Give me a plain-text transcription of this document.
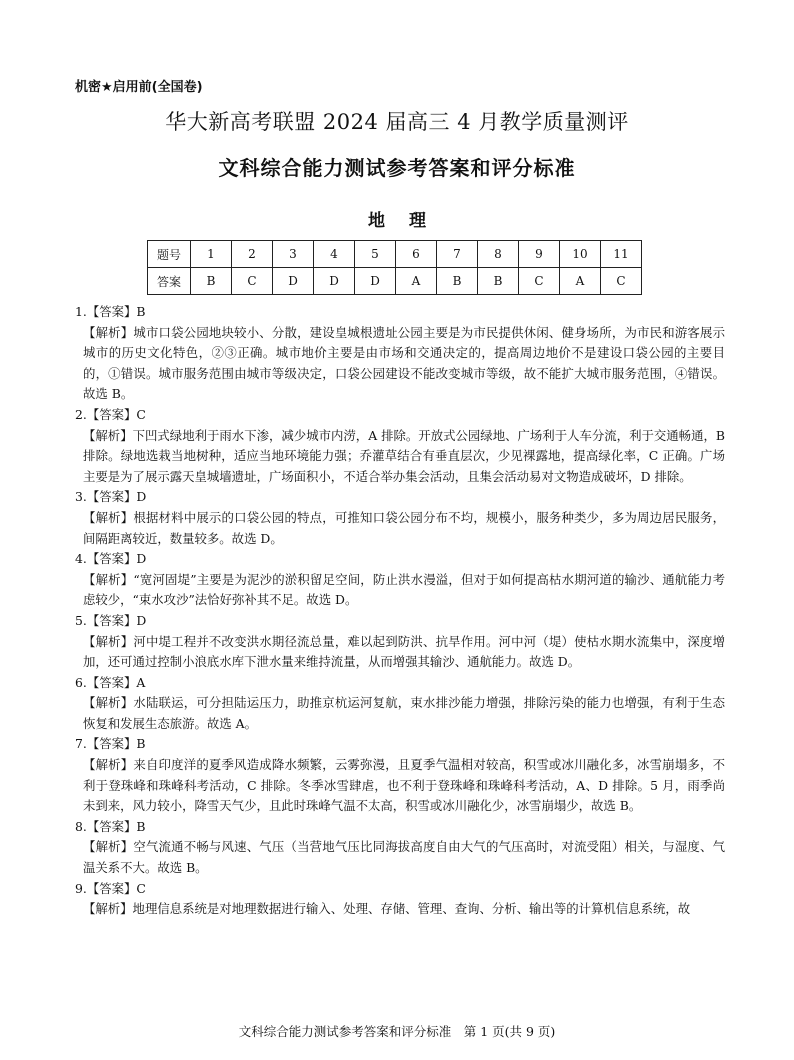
机密★启用前(全国卷)
华大新高考联盟 2024 届高三 4 月教学质量测评
文科综合能力测试参考答案和评分标准
地 理
题号	1	2	3	4	5	6	7	8	9	10	11
答案	B	C	D	D	D	A	B	B	C	A	C
1.【答案】B
【解析】城市口袋公园地块较小、分散，建设皇城根遗址公园主要是为市民提供休闲、健身场所，为市民和游客展示城市的历史文化特色，②③正确。城市地价主要是由市场和交通决定的，提高周边地价不是建设口袋公园的主要目的，①错误。城市服务范围由城市等级决定，口袋公园建设不能改变城市等级，故不能扩大城市服务范围，④错误。故选 B。
2.【答案】C
【解析】下凹式绿地利于雨水下渗，减少城市内涝，A 排除。开放式公园绿地、广场利于人车分流，利于交通畅通，B 排除。绿地选栽当地树种，适应当地环境能力强；乔灌草结合有垂直层次，少见裸露地，提高绿化率，C 正确。广场主要是为了展示露天皇城墙遗址，广场面积小，不适合举办集会活动，且集会活动易对文物造成破坏，D 排除。
3.【答案】D
【解析】根据材料中展示的口袋公园的特点，可推知口袋公园分布不均，规模小，服务种类少，多为周边居民服务，间隔距离较近，数量较多。故选 D。
4.【答案】D
【解析】“宽河固堤”主要是为泥沙的淤积留足空间，防止洪水漫溢，但对于如何提高枯水期河道的输沙、通航能力考虑较少，“束水攻沙”法恰好弥补其不足。故选 D。
5.【答案】D
【解析】河中堤工程并不改变洪水期径流总量，难以起到防洪、抗旱作用。河中河（堤）使枯水期水流集中，深度增加，还可通过控制小浪底水库下泄水量来维持流量，从而增强其输沙、通航能力。故选 D。
6.【答案】A
【解析】水陆联运，可分担陆运压力，助推京杭运河复航，束水排沙能力增强，排除污染的能力也增强，有利于生态恢复和发展生态旅游。故选 A。
7.【答案】B
【解析】来自印度洋的夏季风造成降水频繁，云雾弥漫，且夏季气温相对较高，积雪或冰川融化多，冰雪崩塌多，不利于登珠峰和珠峰科考活动，C 排除。冬季冰雪肆虐，也不利于登珠峰和珠峰科考活动，A、D 排除。5 月，雨季尚未到来，风力较小，降雪天气少，且此时珠峰气温不太高，积雪或冰川融化少，冰雪崩塌少，故选 B。
8.【答案】B
【解析】空气流通不畅与风速、气压（当营地气压比同海拔高度自由大气的气压高时，对流受阻）相关，与湿度、气温关系不大。故选 B。
9.【答案】C
【解析】地理信息系统是对地理数据进行输入、处理、存储、管理、查询、分析、输出等的计算机信息系统，故
文科综合能力测试参考答案和评分标准　第 1 页(共 9 页)
